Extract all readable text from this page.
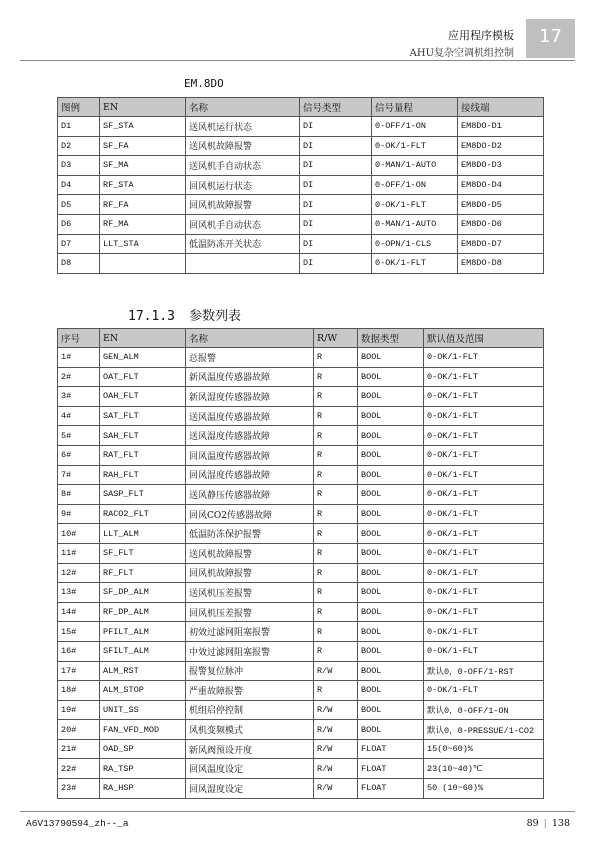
应用程序模板
AHU复杂空调机组控制
17
EM.8DO
图例	EN	名称	信号类型	信号量程	接线端
D1	SF_STA	送风机运行状态	DI	0-OFF/1-ON	EM8DO-D1
D2	SF_FA	送风机故障报警	DI	0-OK/1-FLT	EM8DO-D2
D3	SF_MA	送风机手自动状态	DI	0-MAN/1-AUTO	EM8DO-D3
D4	RF_STA	回风机运行状态	DI	0-OFF/1-ON	EM8DO-D4
D5	RF_FA	回风机故障报警	DI	0-OK/1-FLT	EM8DO-D5
D6	RF_MA	回风机手自动状态	DI	0-MAN/1-AUTO	EM8DO-D6
D7	LLT_STA	低温防冻开关状态	DI	0-OPN/1-CLS	EM8DO-D7
D8			DI	0-OK/1-FLT	EM8DO-D8
17.1.3 参数列表
序号	EN	名称	R/W	数据类型	默认值及范围
1#	GEN_ALM	总报警	R	BOOL	0-OK/1-FLT
2#	OAT_FLT	新风温度传感器故障	R	BOOL	0-OK/1-FLT
3#	OAH_FLT	新风湿度传感器故障	R	BOOL	0-OK/1-FLT
4#	SAT_FLT	送风温度传感器故障	R	BOOL	0-OK/1-FLT
5#	SAH_FLT	送风湿度传感器故障	R	BOOL	0-OK/1-FLT
6#	RAT_FLT	回风温度传感器故障	R	BOOL	0-OK/1-FLT
7#	RAH_FLT	回风湿度传感器故障	R	BOOL	0-OK/1-FLT
8#	SASP_FLT	送风静压传感器故障	R	BOOL	0-OK/1-FLT
9#	RACO2_FLT	回风CO2传感器故障	R	BOOL	0-OK/1-FLT
10#	LLT_ALM	低温防冻保护报警	R	BOOL	0-OK/1-FLT
11#	SF_FLT	送风机故障报警	R	BOOL	0-OK/1-FLT
12#	RF_FLT	回风机故障报警	R	BOOL	0-OK/1-FLT
13#	SF_DP_ALM	送风机压差报警	R	BOOL	0-OK/1-FLT
14#	RF_DP_ALM	回风机压差报警	R	BOOL	0-OK/1-FLT
15#	PFILT_ALM	初效过滤网阻塞报警	R	BOOL	0-OK/1-FLT
16#	SFILT_ALM	中效过滤网阻塞报警	R	BOOL	0-OK/1-FLT
17#	ALM_RST	报警复位脉冲	R/W	BOOL	默认0，0-OFF/1-RST
18#	ALM_STOP	严重故障报警	R	BOOL	0-OK/1-FLT
19#	UNIT_SS	机组启停控制	R/W	BOOL	默认0，0-OFF/1-ON
20#	FAN_VFD_MOD	风机变频模式	R/W	BOOL	默认0，0-PRESSUE/1-CO2
21#	OAD_SP	新风阀预设开度	R/W	FLOAT	15(0~60)%
22#	RA_TSP	回风温度设定	R/W	FLOAT	23(10~40)℃
23#	RA_HSP	回风湿度设定	R/W	FLOAT	50 (10~60)%
A6V13790594_zh--_a	89 | 138
